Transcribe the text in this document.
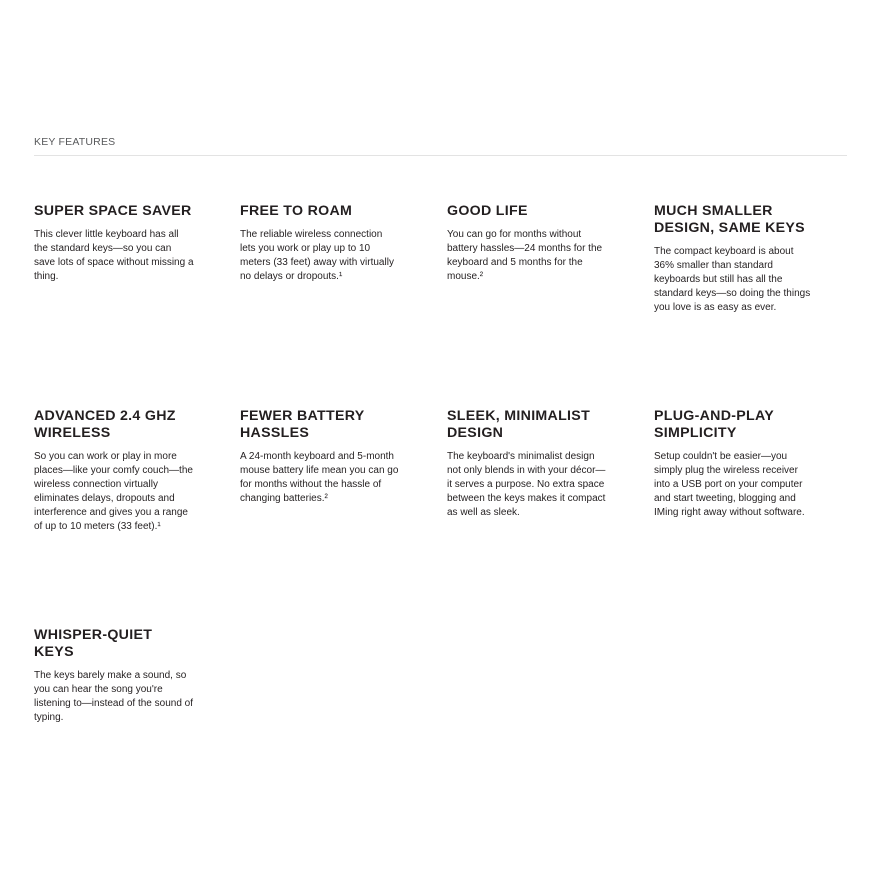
KEY FEATURES
SUPER SPACE SAVER

This clever little keyboard has all the standard keys—so you can save lots of space without missing a thing.

FREE TO ROAM

The reliable wireless connection lets you work or play up to 10 meters (33 feet) away with virtually no delays or dropouts.¹

GOOD LIFE

You can go for months without battery hassles—24 months for the keyboard and 5 months for the mouse.²

MUCH SMALLER DESIGN, SAME KEYS

The compact keyboard is about 36% smaller than standard keyboards but still has all the standard keys—so doing the things you love is as easy as ever.

ADVANCED 2.4 GHZ WIRELESS

So you can work or play in more places—like your comfy couch—the wireless connection virtually eliminates delays, dropouts and interference and gives you a range of up to 10 meters (33 feet).¹

FEWER BATTERY HASSLES

A 24-month keyboard and 5-month mouse battery life mean you can go for months without the hassle of changing batteries.²

SLEEK, MINIMALIST DESIGN

The keyboard's minimalist design not only blends in with your décor—it serves a purpose. No extra space between the keys makes it compact as well as sleek.

PLUG-AND-PLAY SIMPLICITY

Setup couldn't be easier—you simply plug the wireless receiver into a USB port on your computer and start tweeting, blogging and IMing right away without software.

WHISPER-QUIET KEYS

The keys barely make a sound, so you can hear the song you're listening to—instead of the sound of typing.
